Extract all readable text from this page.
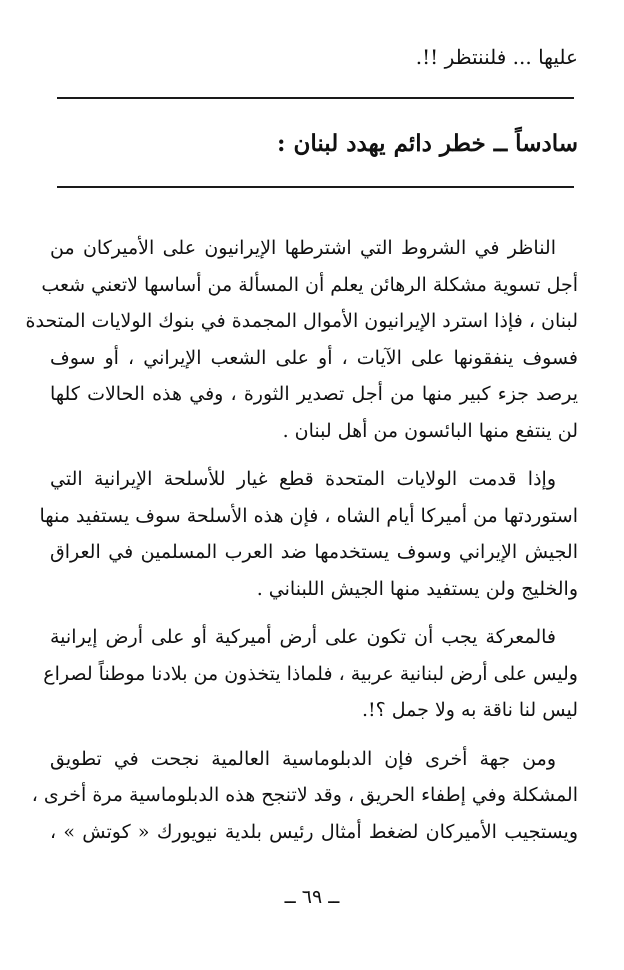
عليها ... فلننتظر !!.
سادساً ــ خطر دائم يهدد لبنان :

الناظر في الشروط التي اشترطها الإيرانيون على الأميركان من
أجل تسوية مشكلة الرهائن يعلم أن المسألة من أساسها لاتعني شعب
لبنان ، فإذا استرد الإيرانيون الأموال المجمدة في بنوك الولايات المتحدة
فسوف ينفقونها على الآيات ، أو على الشعب الإيراني ، أو سوف
يرصد جزء كبير منها من أجل تصدير الثورة ، وفي هذه الحالات كلها
لن ينتفع منها البائسون من أهل لبنان .

وإذا قدمت الولايات المتحدة قطع غيار للأسلحة الإيرانية التي
استوردتها من أميركا أيام الشاه ، فإن هذه الأسلحة سوف يستفيد منها
الجيش الإيراني وسوف يستخدمها ضد العرب المسلمين في العراق
والخليج ولن يستفيد منها الجيش اللبناني .

فالمعركة يجب أن تكون على أرض أميركية أو على أرض إيرانية
وليس على أرض لبنانية عربية ، فلماذا يتخذون من بلادنا موطناً لصراع
ليس لنا ناقة به ولا جمل ؟!.

ومن جهة أخرى فإن الدبلوماسية العالمية نجحت في تطويق
المشكلة وفي إطفاء الحريق ، وقد لاتنجح هذه الدبلوماسية مرة أخرى ،
ويستجيب الأميركان لضغط أمثال رئيس بلدية نيويورك « كوتش » ،

ــ ٦٩ ــ
